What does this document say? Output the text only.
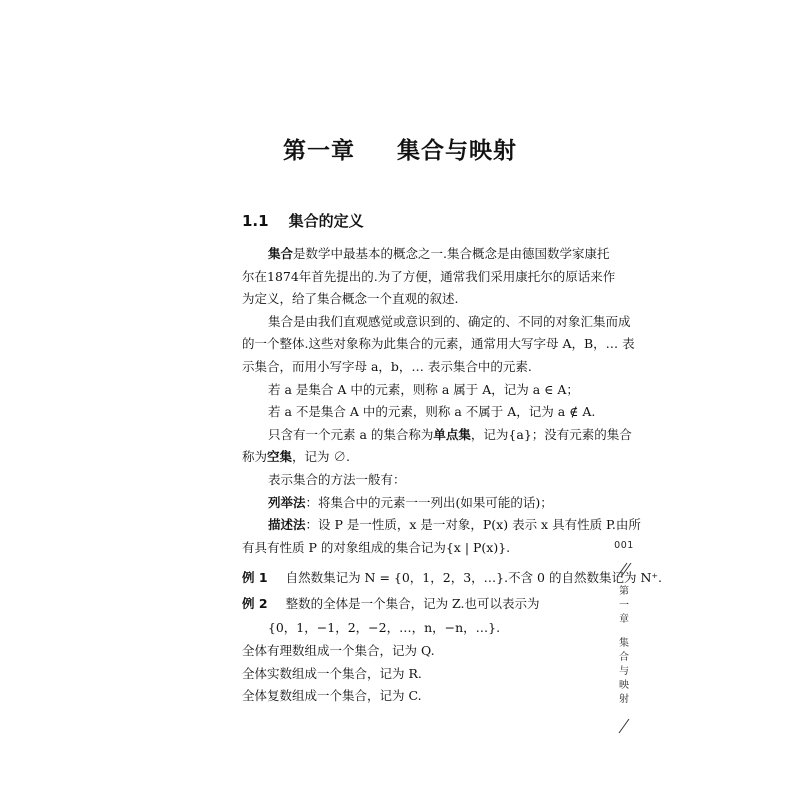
第一章 集合与映射
1.1 集合的定义
集合是数学中最基本的概念之一.集合概念是由德国数学家康托
尔在1874年首先提出的.为了方便，通常我们采用康托尔的原话来作
为定义，给了集合概念一个直观的叙述.
集合是由我们直观感觉或意识到的、确定的、不同的对象汇集而成
的一个整体.这些对象称为此集合的元素，通常用大写字母 A，B，… 表
示集合，而用小写字母 a，b，… 表示集合中的元素.
若 a 是集合 A 中的元素，则称 a 属于 A，记为 a ∈ A；
若 a 不是集合 A 中的元素，则称 a 不属于 A，记为 a ∉ A.
只含有一个元素 a 的集合称为单点集，记为{a}；没有元素的集合
称为空集，记为 ∅.
表示集合的方法一般有：
列举法：将集合中的元素一一列出(如果可能的话)；
描述法：设 P 是一性质，x 是一对象，P(x) 表示 x 具有性质 P.由所
有具有性质 P 的对象组成的集合记为{x | P(x)}.
例 1 自然数集记为 N = {0，1，2，3，…}.不含 0 的自然数集记为 N⁺.
例 2 整数的全体是一个集合，记为 Z.也可以表示为
{0，1，−1，2，−2，…，n，−n，…}.
全体有理数组成一个集合，记为 Q.
全体实数组成一个集合，记为 R.
全体复数组成一个集合，记为 C.
001
第
一
章
集
合
与
映
射
